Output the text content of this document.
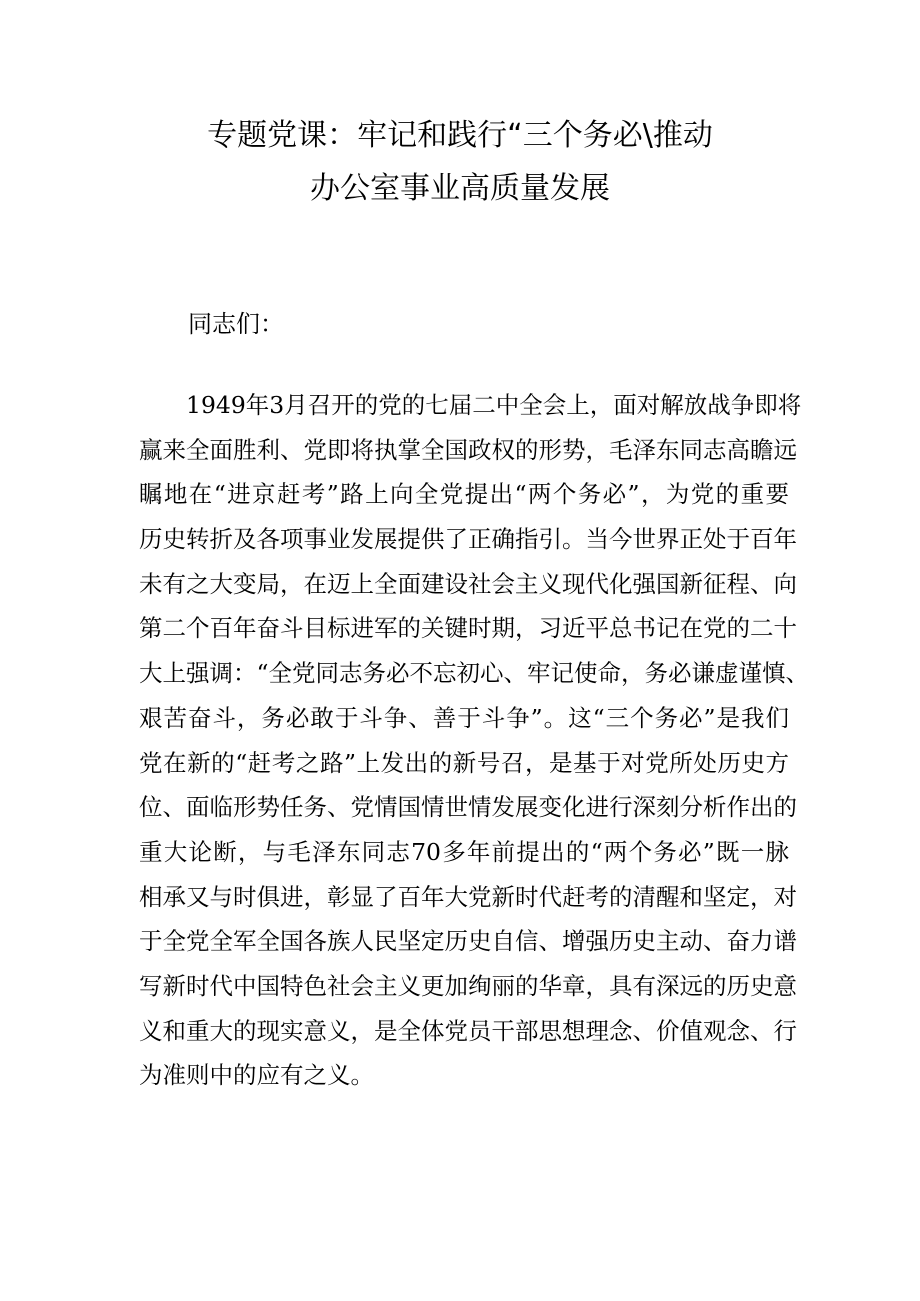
专题党课：牢记和践行“三个务必\推动
办公室事业高质量发展
同志们：
1949年3月召开的党的七届二中全会上，面对解放战争即将
赢来全面胜利、党即将执掌全国政权的形势，毛泽东同志高瞻远
瞩地在“进京赶考”路上向全党提出“两个务必”，为党的重要
历史转折及各项事业发展提供了正确指引。当今世界正处于百年
未有之大变局，在迈上全面建设社会主义现代化强国新征程、向
第二个百年奋斗目标进军的关键时期，习近平总书记在党的二十
大上强调：“全党同志务必不忘初心、牢记使命，务必谦虚谨慎、
艰苦奋斗，务必敢于斗争、善于斗争”。这“三个务必”是我们
党在新的“赶考之路”上发出的新号召，是基于对党所处历史方
位、面临形势任务、党情国情世情发展变化进行深刻分析作出的
重大论断，与毛泽东同志70多年前提出的“两个务必”既一脉
相承又与时俱进，彰显了百年大党新时代赶考的清醒和坚定，对
于全党全军全国各族人民坚定历史自信、增强历史主动、奋力谱
写新时代中国特色社会主义更加绚丽的华章，具有深远的历史意
义和重大的现实意义，是全体党员干部思想理念、价值观念、行
为准则中的应有之义。
